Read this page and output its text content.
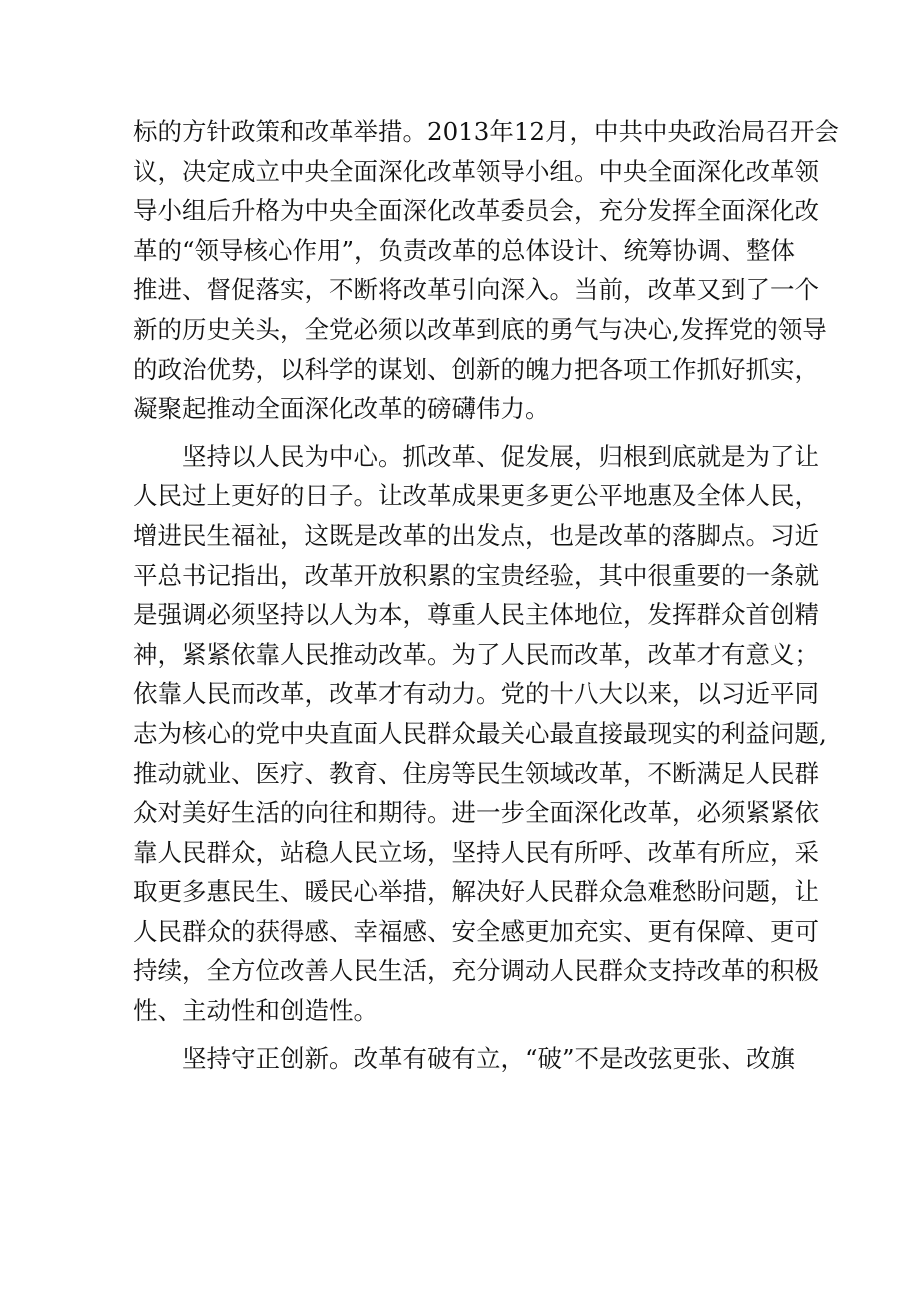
标的方针政策和改革举措。2013年12月，中共中央政治局召开会
议，决定成立中央全面深化改革领导小组。中央全面深化改革领
导小组后升格为中央全面深化改革委员会，充分发挥全面深化改
革的“领导核心作用”，负责改革的总体设计、统筹协调、整体
推进、督促落实，不断将改革引向深入。当前，改革又到了一个
新的历史关头，全党必须以改革到底的勇气与决心,发挥党的领导
的政治优势，以科学的谋划、创新的魄力把各项工作抓好抓实，
凝聚起推动全面深化改革的磅礴伟力。
坚持以人民为中心。抓改革、促发展，归根到底就是为了让
人民过上更好的日子。让改革成果更多更公平地惠及全体人民，
增进民生福祉，这既是改革的出发点，也是改革的落脚点。习近
平总书记指出，改革开放积累的宝贵经验，其中很重要的一条就
是强调必须坚持以人为本，尊重人民主体地位，发挥群众首创精
神，紧紧依靠人民推动改革。为了人民而改革，改革才有意义；
依靠人民而改革，改革才有动力。党的十八大以来，以习近平同
志为核心的党中央直面人民群众最关心最直接最现实的利益问题,
推动就业、医疗、教育、住房等民生领域改革，不断满足人民群
众对美好生活的向往和期待。进一步全面深化改革，必须紧紧依
靠人民群众，站稳人民立场，坚持人民有所呼、改革有所应，采
取更多惠民生、暖民心举措，解决好人民群众急难愁盼问题，让
人民群众的获得感、幸福感、安全感更加充实、更有保障、更可
持续，全方位改善人民生活，充分调动人民群众支持改革的积极
性、主动性和创造性。
坚持守正创新。改革有破有立，“破”不是改弦更张、改旗
